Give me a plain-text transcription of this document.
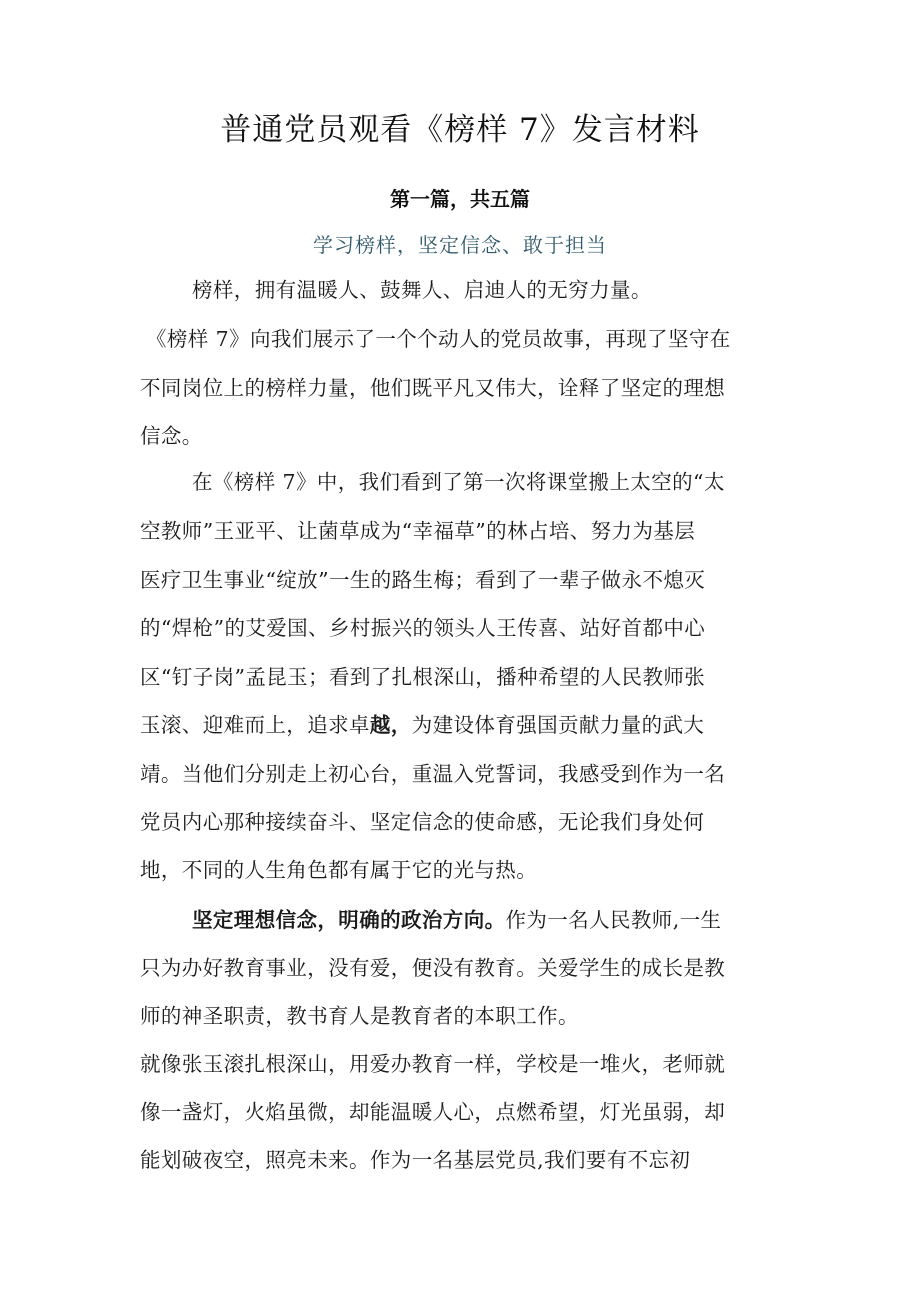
普通党员观看《榜样 7》发言材料
第一篇，共五篇
学习榜样，坚定信念、敢于担当
榜样，拥有温暖人、鼓舞人、启迪人的无穷力量。
《榜样 7》向我们展示了一个个动人的党员故事，再现了坚守在
不同岗位上的榜样力量，他们既平凡又伟大，诠释了坚定的理想
信念。
在《榜样 7》中，我们看到了第一次将课堂搬上太空的“太
空教师”王亚平、让菌草成为“幸福草”的林占培、努力为基层
医疗卫生事业“绽放”一生的路生梅；看到了一辈子做永不熄灭
的“焊枪”的艾爱国、乡村振兴的领头人王传喜、站好首都中心
区“钉子岗”孟昆玉；看到了扎根深山，播种希望的人民教师张
玉滚、迎难而上，追求卓越，为建设体育强国贡献力量的武大
靖。当他们分别走上初心台，重温入党誓词，我感受到作为一名
党员内心那种接续奋斗、坚定信念的使命感，无论我们身处何
地，不同的人生角色都有属于它的光与热。
坚定理想信念，明确的政治方向。作为一名人民教师,一生
只为办好教育事业，没有爱，便没有教育。关爱学生的成长是教
师的神圣职责，教书育人是教育者的本职工作。
就像张玉滚扎根深山，用爱办教育一样，学校是一堆火，老师就
像一盏灯，火焰虽微，却能温暖人心，点燃希望，灯光虽弱，却
能划破夜空，照亮未来。作为一名基层党员,我们要有不忘初
